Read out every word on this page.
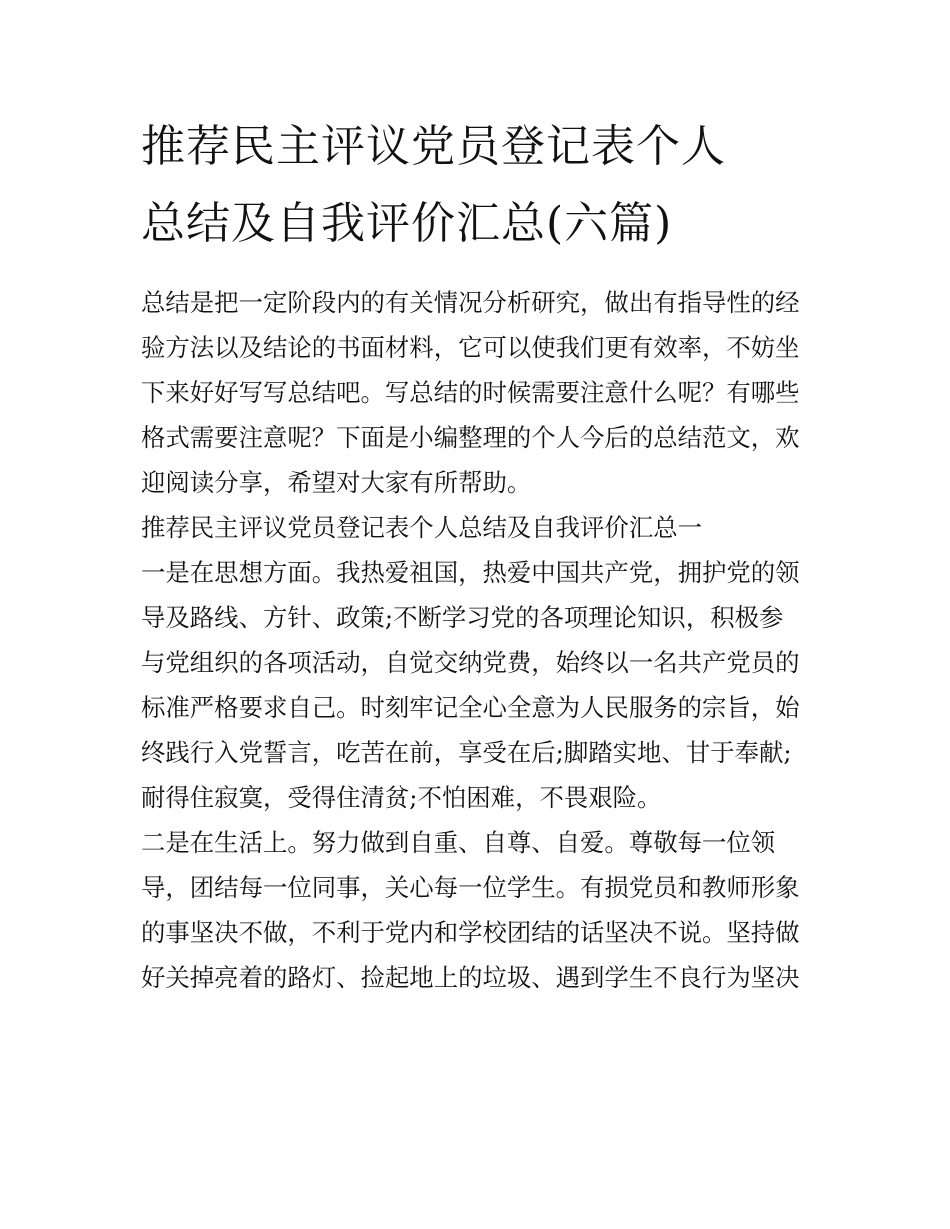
推荐民主评议党员登记表个人
总结及自我评价汇总(六篇)

总结是把一定阶段内的有关情况分析研究，做出有指导性的经
验方法以及结论的书面材料，它可以使我们更有效率，不妨坐
下来好好写写总结吧。写总结的时候需要注意什么呢？有哪些
格式需要注意呢？下面是小编整理的个人今后的总结范文，欢
迎阅读分享，希望对大家有所帮助。

推荐民主评议党员登记表个人总结及自我评价汇总一

一是在思想方面。我热爱祖国，热爱中国共产党，拥护党的领
导及路线、方针、政策;不断学习党的各项理论知识，积极参
与党组织的各项活动，自觉交纳党费，始终以一名共产党员的
标准严格要求自己。时刻牢记全心全意为人民服务的宗旨，始
终践行入党誓言，吃苦在前，享受在后;脚踏实地、甘于奉献;
耐得住寂寞，受得住清贫;不怕困难，不畏艰险。

二是在生活上。努力做到自重、自尊、自爱。尊敬每一位领
导，团结每一位同事，关心每一位学生。有损党员和教师形象
的事坚决不做，不利于党内和学校团结的话坚决不说。坚持做
好关掉亮着的路灯、捡起地上的垃圾、遇到学生不良行为坚决
